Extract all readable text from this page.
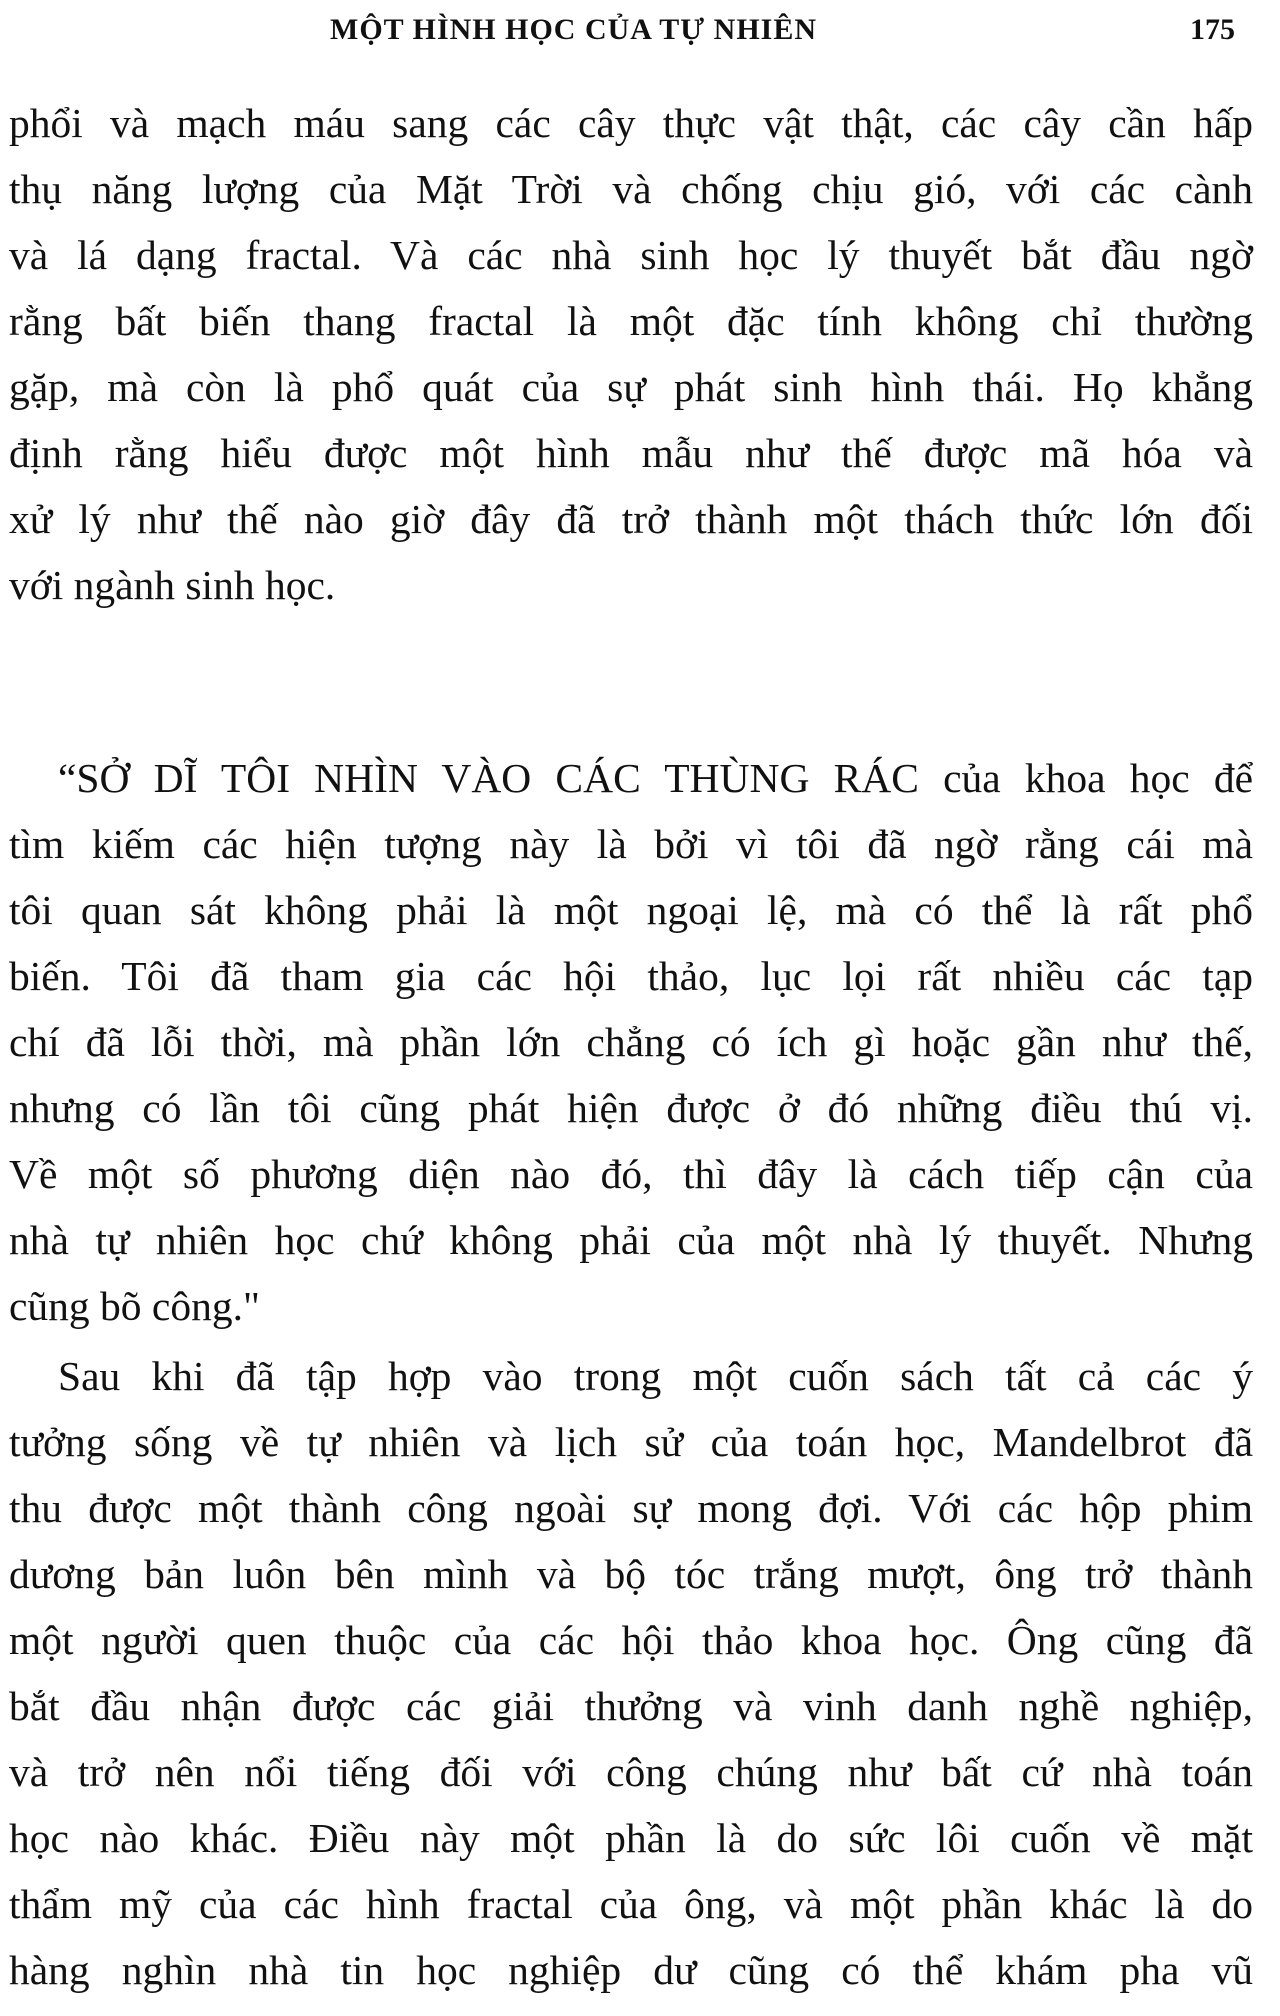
MỘT HÌNH HỌC CỦA TỰ NHIÊN	175
phổi và mạch máu sang các cây thực vật thật, các cây cần hấp
thụ năng lượng của Mặt Trời và chống chịu gió, với các cành
và lá dạng fractal. Và các nhà sinh học lý thuyết bắt đầu ngờ
rằng bất biến thang fractal là một đặc tính không chỉ thường
gặp, mà còn là phổ quát của sự phát sinh hình thái. Họ khẳng
định rằng hiểu được một hình mẫu như thế được mã hóa và
xử lý như thế nào giờ đây đã trở thành một thách thức lớn đối
với ngành sinh học.
“SỞ DĨ TÔI NHÌN VÀO CÁC THÙNG RÁC của khoa học để
tìm kiếm các hiện tượng này là bởi vì tôi đã ngờ rằng cái mà
tôi quan sát không phải là một ngoại lệ, mà có thể là rất phổ
biến. Tôi đã tham gia các hội thảo, lục lọi rất nhiều các tạp
chí đã lỗi thời, mà phần lớn chẳng có ích gì hoặc gần như thế,
nhưng có lần tôi cũng phát hiện được ở đó những điều thú vị.
Về một số phương diện nào đó, thì đây là cách tiếp cận của
nhà tự nhiên học chứ không phải của một nhà lý thuyết. Nhưng
cũng bõ công."
Sau khi đã tập hợp vào trong một cuốn sách tất cả các ý
tưởng sống về tự nhiên và lịch sử của toán học, Mandelbrot đã
thu được một thành công ngoài sự mong đợi. Với các hộp phim
dương bản luôn bên mình và bộ tóc trắng mượt, ông trở thành
một người quen thuộc của các hội thảo khoa học. Ông cũng đã
bắt đầu nhận được các giải thưởng và vinh danh nghề nghiệp,
và trở nên nổi tiếng đối với công chúng như bất cứ nhà toán
học nào khác. Điều này một phần là do sức lôi cuốn về mặt
thẩm mỹ của các hình fractal của ông, và một phần khác là do
hàng nghìn nhà tin học nghiệp dư cũng có thể khám pha vũ
